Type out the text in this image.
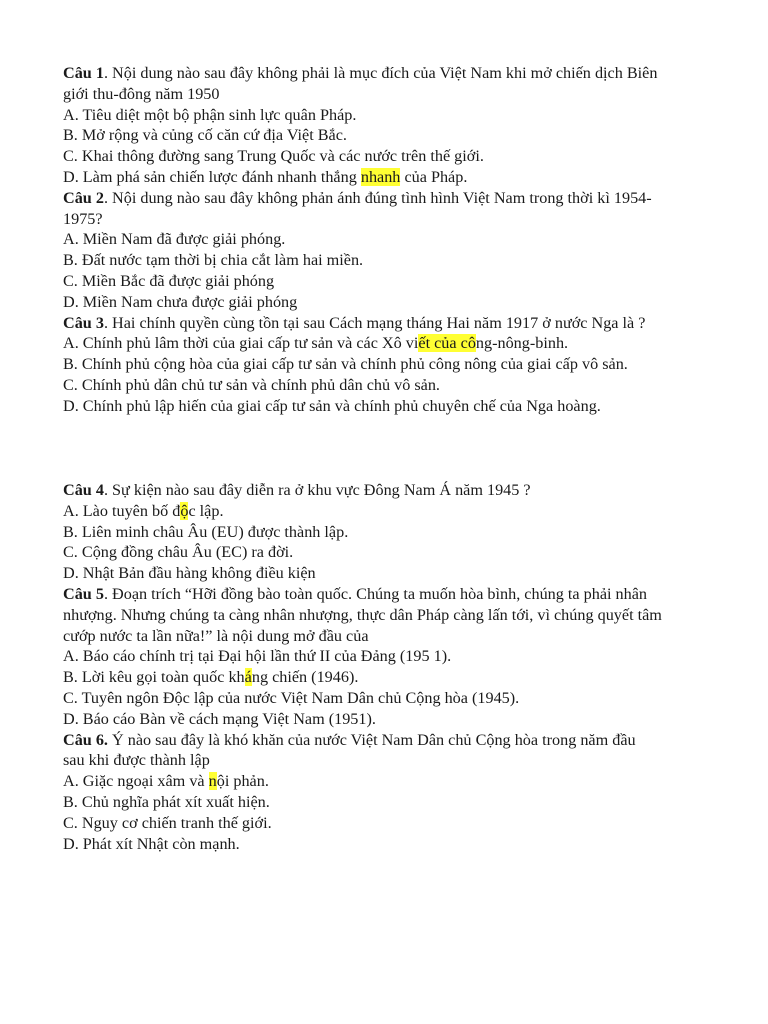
Câu 1. Nội dung nào sau đây không phải là mục đích của Việt Nam khi mở chiến dịch Biên
giới thu-đông năm 1950
A. Tiêu diệt một bộ phận sinh lực quân Pháp.
B. Mở rộng và củng cố căn cứ địa Việt Bắc.
C. Khai thông đường sang Trung Quốc và các nước trên thế giới.
D. Làm phá sản chiến lược đánh nhanh thắng nhanh của Pháp.
Câu 2. Nội dung nào sau đây không phản ánh đúng tình hình Việt Nam trong thời kì 1954-
1975?
A. Miền Nam đã được giải phóng.
B. Đất nước tạm thời bị chia cắt làm hai miền.
C. Miền Bắc đã được giải phóng
D. Miền Nam chưa được giải phóng
Câu 3. Hai chính quyền cùng tồn tại sau Cách mạng tháng Hai năm 1917 ở nước Nga là ?
A. Chính phủ lâm thời của giai cấp tư sản và các Xô viết của công-nông-binh.
B. Chính phủ cộng hòa của giai cấp tư sản và chính phủ công nông của giai cấp vô sản.
C. Chính phủ dân chủ tư sản và chính phủ dân chủ vô sản.
D. Chính phủ lập hiến của giai cấp tư sản và chính phủ chuyên chế của Nga hoàng.
Câu 4. Sự kiện nào sau đây diễn ra ở khu vực Đông Nam Á năm 1945 ?
A. Lào tuyên bố độc lập.
B. Liên minh châu Âu (EU) được thành lập.
C. Cộng đồng châu Âu (EC) ra đời.
D. Nhật Bản đầu hàng không điều kiện
Câu 5. Đoạn trích “Hỡi đồng bào toàn quốc. Chúng ta muốn hòa bình, chúng ta phải nhân
nhượng. Nhưng chúng ta càng nhân nhượng, thực dân Pháp càng lấn tới, vì chúng quyết tâm
cướp nước ta lần nữa!” là nội dung mở đầu của
A. Báo cáo chính trị tại Đại hội lần thứ II của Đảng (195 1).
B. Lời kêu gọi toàn quốc kháng chiến (1946).
C. Tuyên ngôn Độc lập của nước Việt Nam Dân chủ Cộng hòa (1945).
D. Báo cáo Bàn về cách mạng Việt Nam (1951).
Câu 6. Ý nào sau đây là khó khăn của nước Việt Nam Dân chủ Cộng hòa trong năm đầu
sau khi được thành lập
A. Giặc ngoại xâm và nội phản.
B. Chủ nghĩa phát xít xuất hiện.
C. Nguy cơ chiến tranh thế giới.
D. Phát xít Nhật còn mạnh.
